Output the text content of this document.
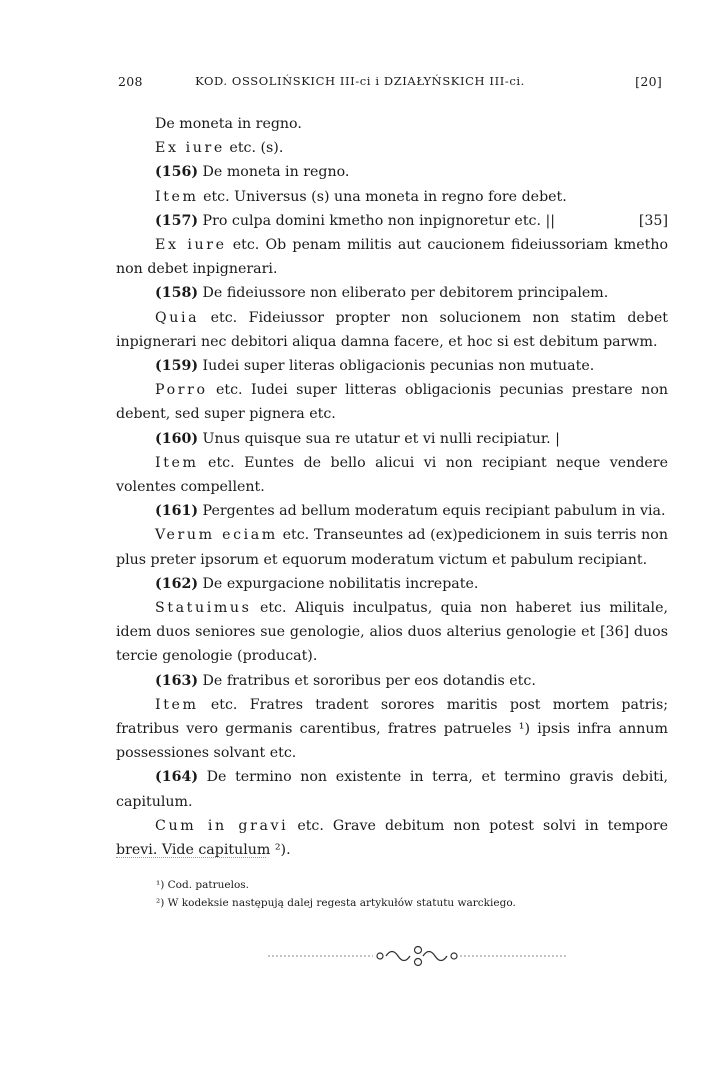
208	KOD. OSSOLIŃSKICH III-ci i DZIAŁYŃSKICH III-ci.	[20]

De moneta in regno.

Ex iure etc. (s).

(156) De moneta in regno.

Item etc. Universus (s) una moneta in regno fore debet.

(157) Pro culpa domini kmetho non inpignoretur etc. ||	[35]

Ex iure etc. Ob penam militis aut caucionem fideiussoriam kmetho non debet inpignerari.

(158) De fideiussore non eliberato per debitorem principalem.

Quia etc. Fideiussor propter non solucionem non statim debet inpignerari nec debitori aliqua damna facere, et hoc si est debitum parwm.

(159) Iudei super literas obligacionis pecunias non mutuate.

Porro etc. Iudei super litteras obligacionis pecunias prestare non debent, sed super pignera etc.

(160) Unus quisque sua re utatur et vi nulli recipiatur. |

Item etc. Euntes de bello alicui vi non recipiant neque vendere volentes compellent.

(161) Pergentes ad bellum moderatum equis recipiant pabulum in via.

Verum eciam etc. Transeuntes ad (ex)pedicionem in suis terris non plus preter ipsorum et equorum moderatum victum et pabulum recipiant.

(162) De expurgacione nobilitatis increpate.

Statuimus etc. Aliquis inculpatus, quia non haberet ius militale, idem duos seniores sue genologie, alios duos alterius genologie et [36] duos tercie genologie (producat).

(163) De fratribus et sororibus per eos dotandis etc.

Item etc. Fratres tradent sorores maritis post mortem patris; fratribus vero germanis carentibus, fratres patrueles ¹) ipsis infra annum possessiones solvant etc.

(164) De termino non existente in terra, et termino gravis debiti, capitulum.

Cum in gravi etc. Grave debitum non potest solvi in tempore brevi. Vide capitulum ²).

¹) Cod. patruelos.
²) W kodeksie następują dalej regesta artykułów statutu warckiego.
